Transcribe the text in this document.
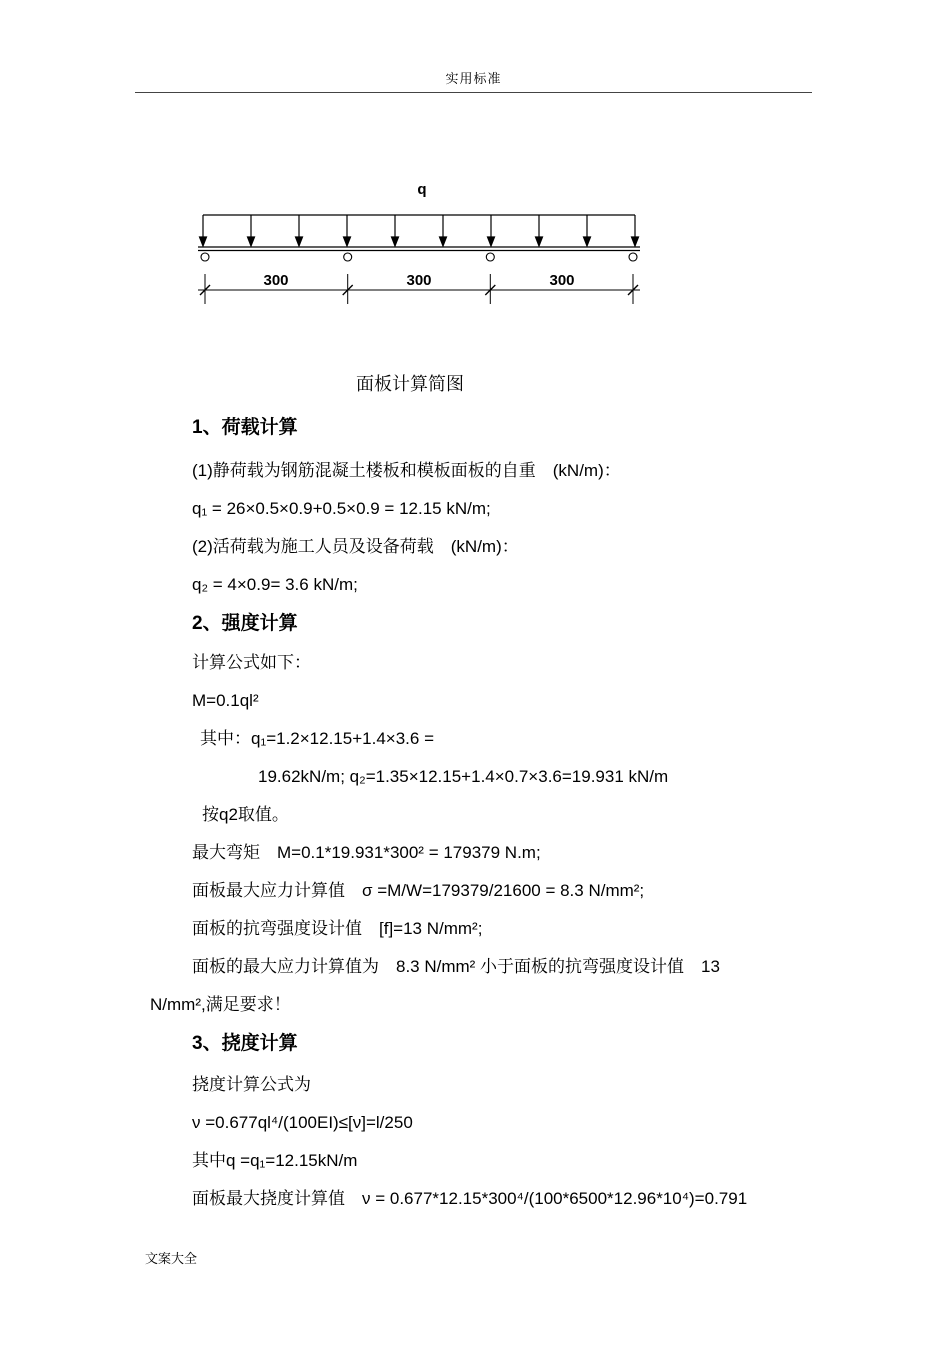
实用标准
q
300	300	300
面板计算简图
1、荷载计算

(1)静荷载为钢筋混凝土楼板和模板面板的自重　(kN/m)：

q₁ = 26×0.5×0.9+0.5×0.9 = 12.15 kN/m;

(2)活荷载为施工人员及设备荷载　(kN/m)：

q₂ = 4×0.9= 3.6 kN/m;

2、强度计算

计算公式如下：

M=0.1ql²

其中：q₁=1.2×12.15+1.4×3.6 =

19.62kN/m; q₂=1.35×12.15+1.4×0.7×3.6=19.931 kN/m

按q2取值。

最大弯矩　M=0.1*19.931*300² = 179379 N.m;

面板最大应力计算值　σ =M/W=179379/21600 = 8.3 N/mm²;

面板的抗弯强度设计值　[f]=13 N/mm²;

面板的最大应力计算值为　8.3 N/mm² 小于面板的抗弯强度设计值　13

N/mm²,满足要求！

3、挠度计算

挠度计算公式为

ν =0.677ql⁴/(100EI)≤[ν]=l/250

其中q =q₁=12.15kN/m

面板最大挠度计算值　ν = 0.677*12.15*300⁴/(100*6500*12.96*10⁴)=0.791

文案大全
